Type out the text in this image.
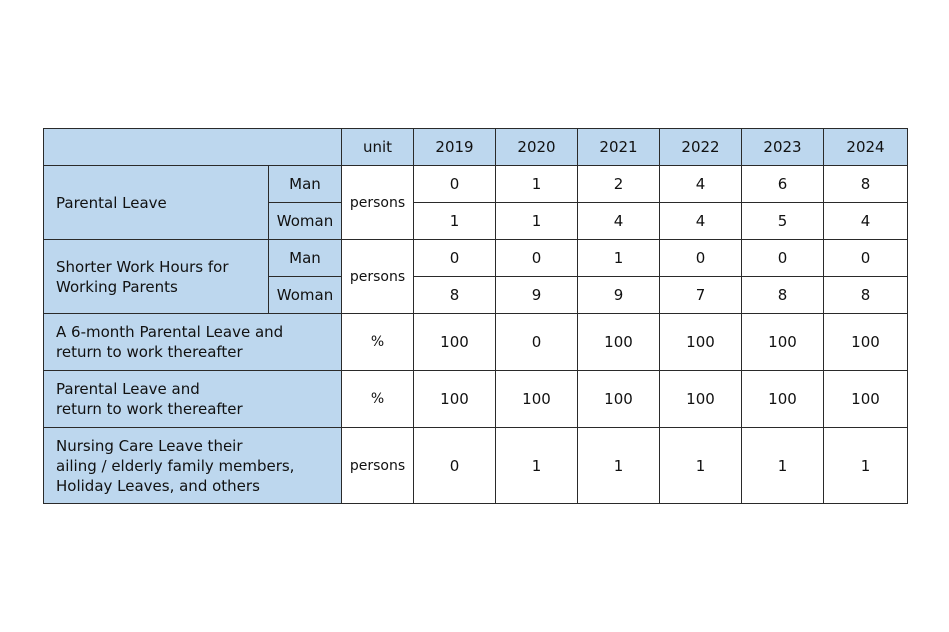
		unit	2019	2020	2021	2022	2023	2024
Parental Leave	Man	persons	0	1	2	4	6	8
	Woman		1	1	4	4	5	4

Shorter Work Hours for
Working Parents	Man	persons	0	0	1	0	0	0
	Woman		8	9	9	7	8	8

A 6-month Parental Leave and
return to work thereafter		%	100	0	100	100	100	100

Parental Leave and
return to work thereafter		%	100	100	100	100	100	100

Nursing Care Leave their
ailing / elderly family members,
Holiday Leaves, and others		persons	0	1	1	1	1	1
